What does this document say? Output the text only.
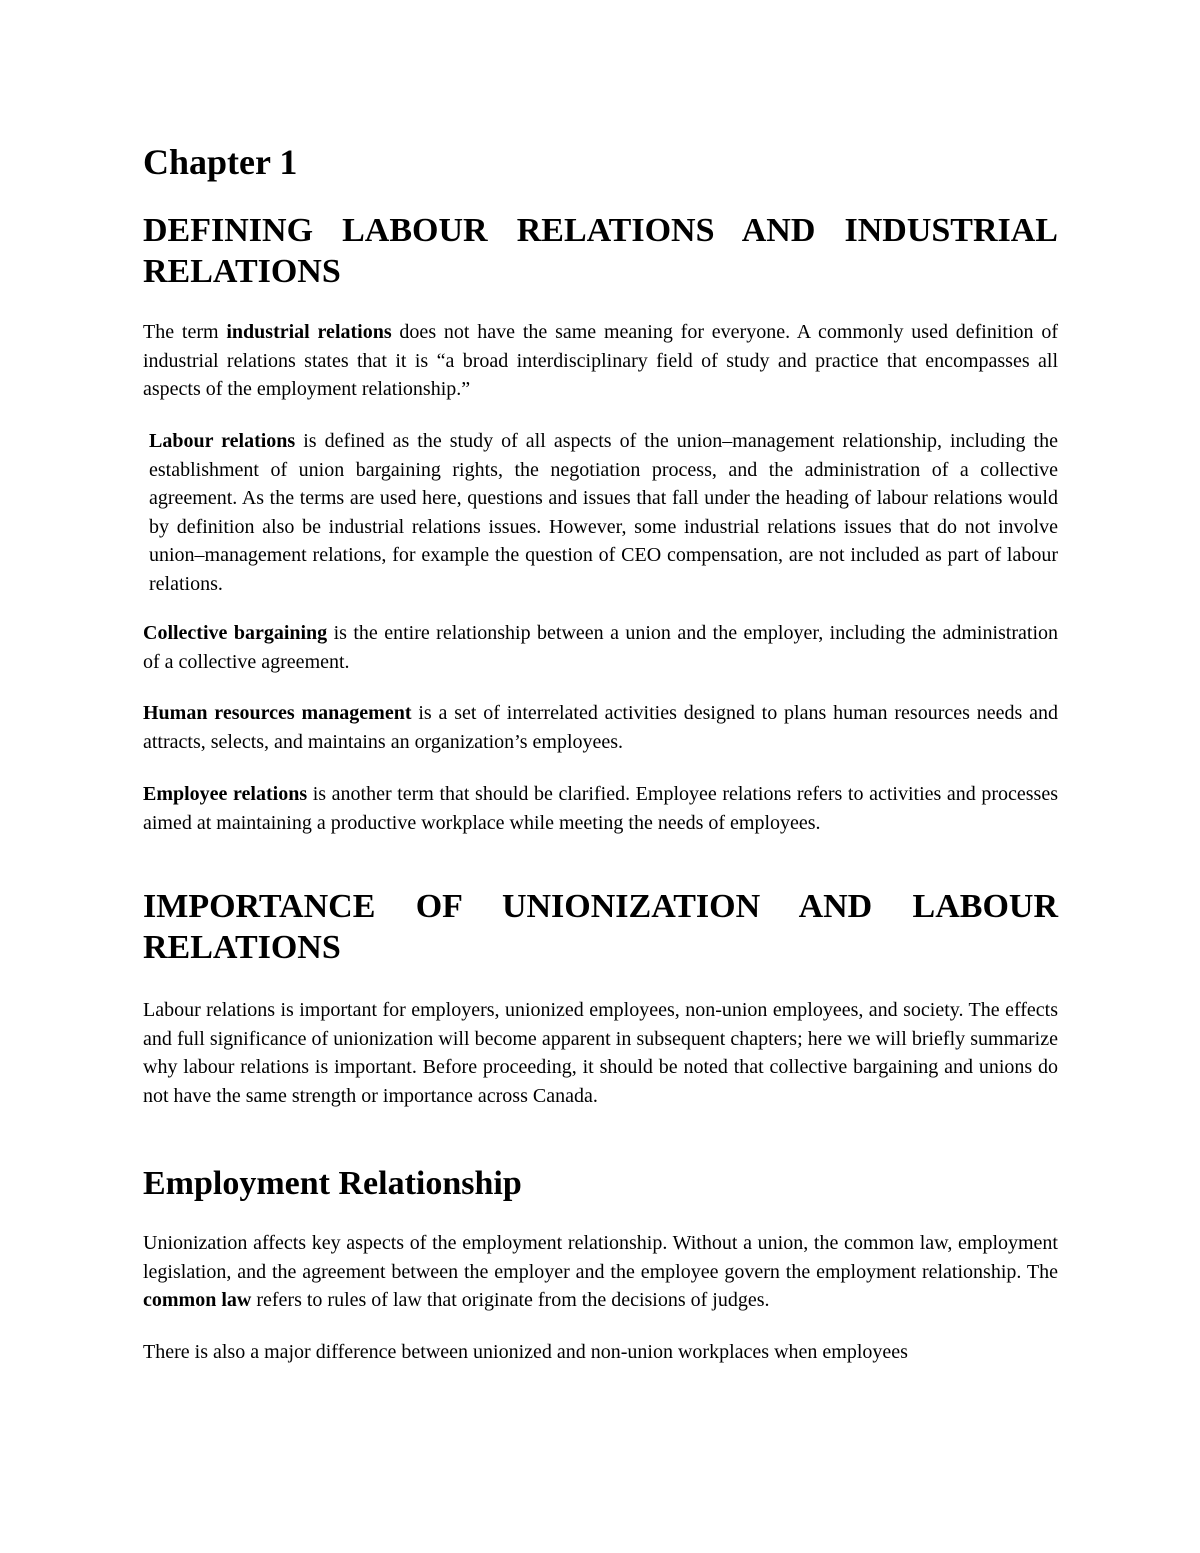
Chapter 1
DEFINING LABOUR RELATIONS AND INDUSTRIAL RELATIONS

The term industrial relations does not have the same meaning for everyone. A commonly used definition of industrial relations states that it is “a broad interdisciplinary field of study and practice that encompasses all aspects of the employment relationship.”

Labour relations is defined as the study of all aspects of the union–management relationship, including the establishment of union bargaining rights, the negotiation process, and the administration of a collective agreement. As the terms are used here, questions and issues that fall under the heading of labour relations would by definition also be industrial relations issues. However, some industrial relations issues that do not involve union–management relations, for example the question of CEO compensation, are not included as part of labour relations.

Collective bargaining is the entire relationship between a union and the employer, including the administration of a collective agreement.

Human resources management is a set of interrelated activities designed to plans human resources needs and attracts, selects, and maintains an organization’s employees.

Employee relations is another term that should be clarified. Employee relations refers to activities and processes aimed at maintaining a productive workplace while meeting the needs of employees.

IMPORTANCE OF UNIONIZATION AND LABOUR RELATIONS

Labour relations is important for employers, unionized employees, non-union employees, and society. The effects and full significance of unionization will become apparent in subsequent chapters; here we will briefly summarize why labour relations is important. Before proceeding, it should be noted that collective bargaining and unions do not have the same strength or importance across Canada.

Employment Relationship

Unionization affects key aspects of the employment relationship. Without a union, the common law, employment legislation, and the agreement between the employer and the employee govern the employment relationship. The common law refers to rules of law that originate from the decisions of judges.

There is also a major difference between unionized and non-union workplaces when employees
